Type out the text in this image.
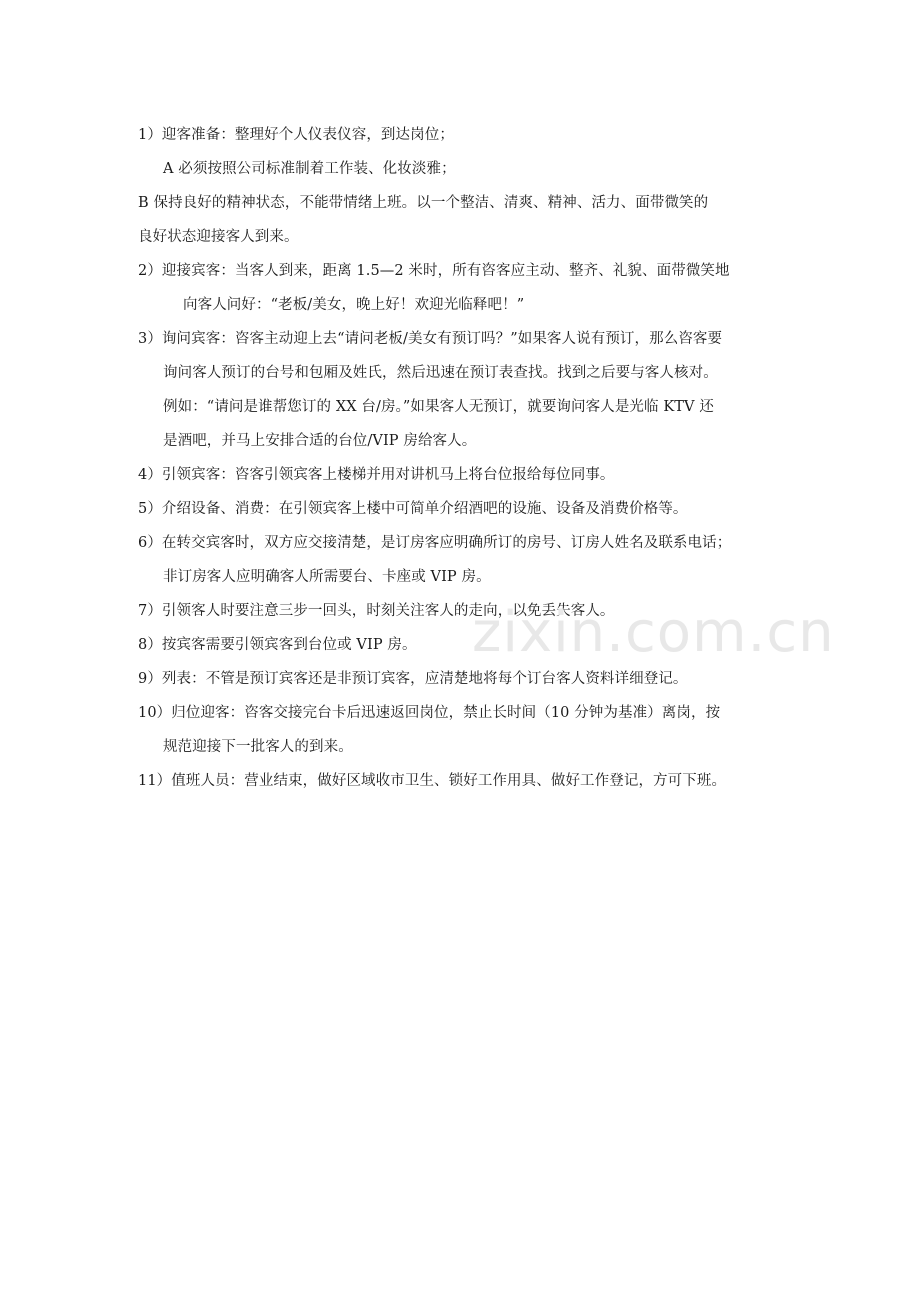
1）迎客准备：整理好个人仪表仪容，到达岗位；

A 必须按照公司标准制着工作装、化妆淡雅；

B 保持良好的精神状态，不能带情绪上班。以一个整洁、清爽、精神、活力、面带微笑的
良好状态迎接客人到来。

2）迎接宾客：当客人到来，距离 1.5—2 米时，所有咨客应主动、整齐、礼貌、面带微笑地
向客人问好：“老板/美女，晚上好！欢迎光临释吧！”

3）询问宾客：咨客主动迎上去“请问老板/美女有预订吗？”如果客人说有预订，那么咨客要
询问客人预订的台号和包厢及姓氏，然后迅速在预订表查找。找到之后要与客人核对。
例如：“请问是谁帮您订的 XX 台/房。”如果客人无预订，就要询问客人是光临 KTV 还
是酒吧，并马上安排合适的台位/VIP 房给客人。

4）引领宾客：咨客引领宾客上楼梯并用对讲机马上将台位报给每位同事。

5）介绍设备、消费：在引领宾客上楼中可简单介绍酒吧的设施、设备及消费价格等。

6）在转交宾客时，双方应交接清楚，是订房客应明确所订的房号、订房人姓名及联系电话；
非订房客人应明确客人所需要台、卡座或 VIP 房。

7）引领客人时要注意三步一回头，时刻关注客人的走向，以免丢失客人。

8）按宾客需要引领宾客到台位或 VIP 房。

9）列表：不管是预订宾客还是非预订宾客，应清楚地将每个订台客人资料详细登记。

10）归位迎客：咨客交接完台卡后迅速返回岗位，禁止长时间（10 分钟为基准）离岗，按
规范迎接下一批客人的到来。

11）值班人员：营业结束，做好区域收市卫生、锁好工作用具、做好工作登记，方可下班。

zixin.com.cn
